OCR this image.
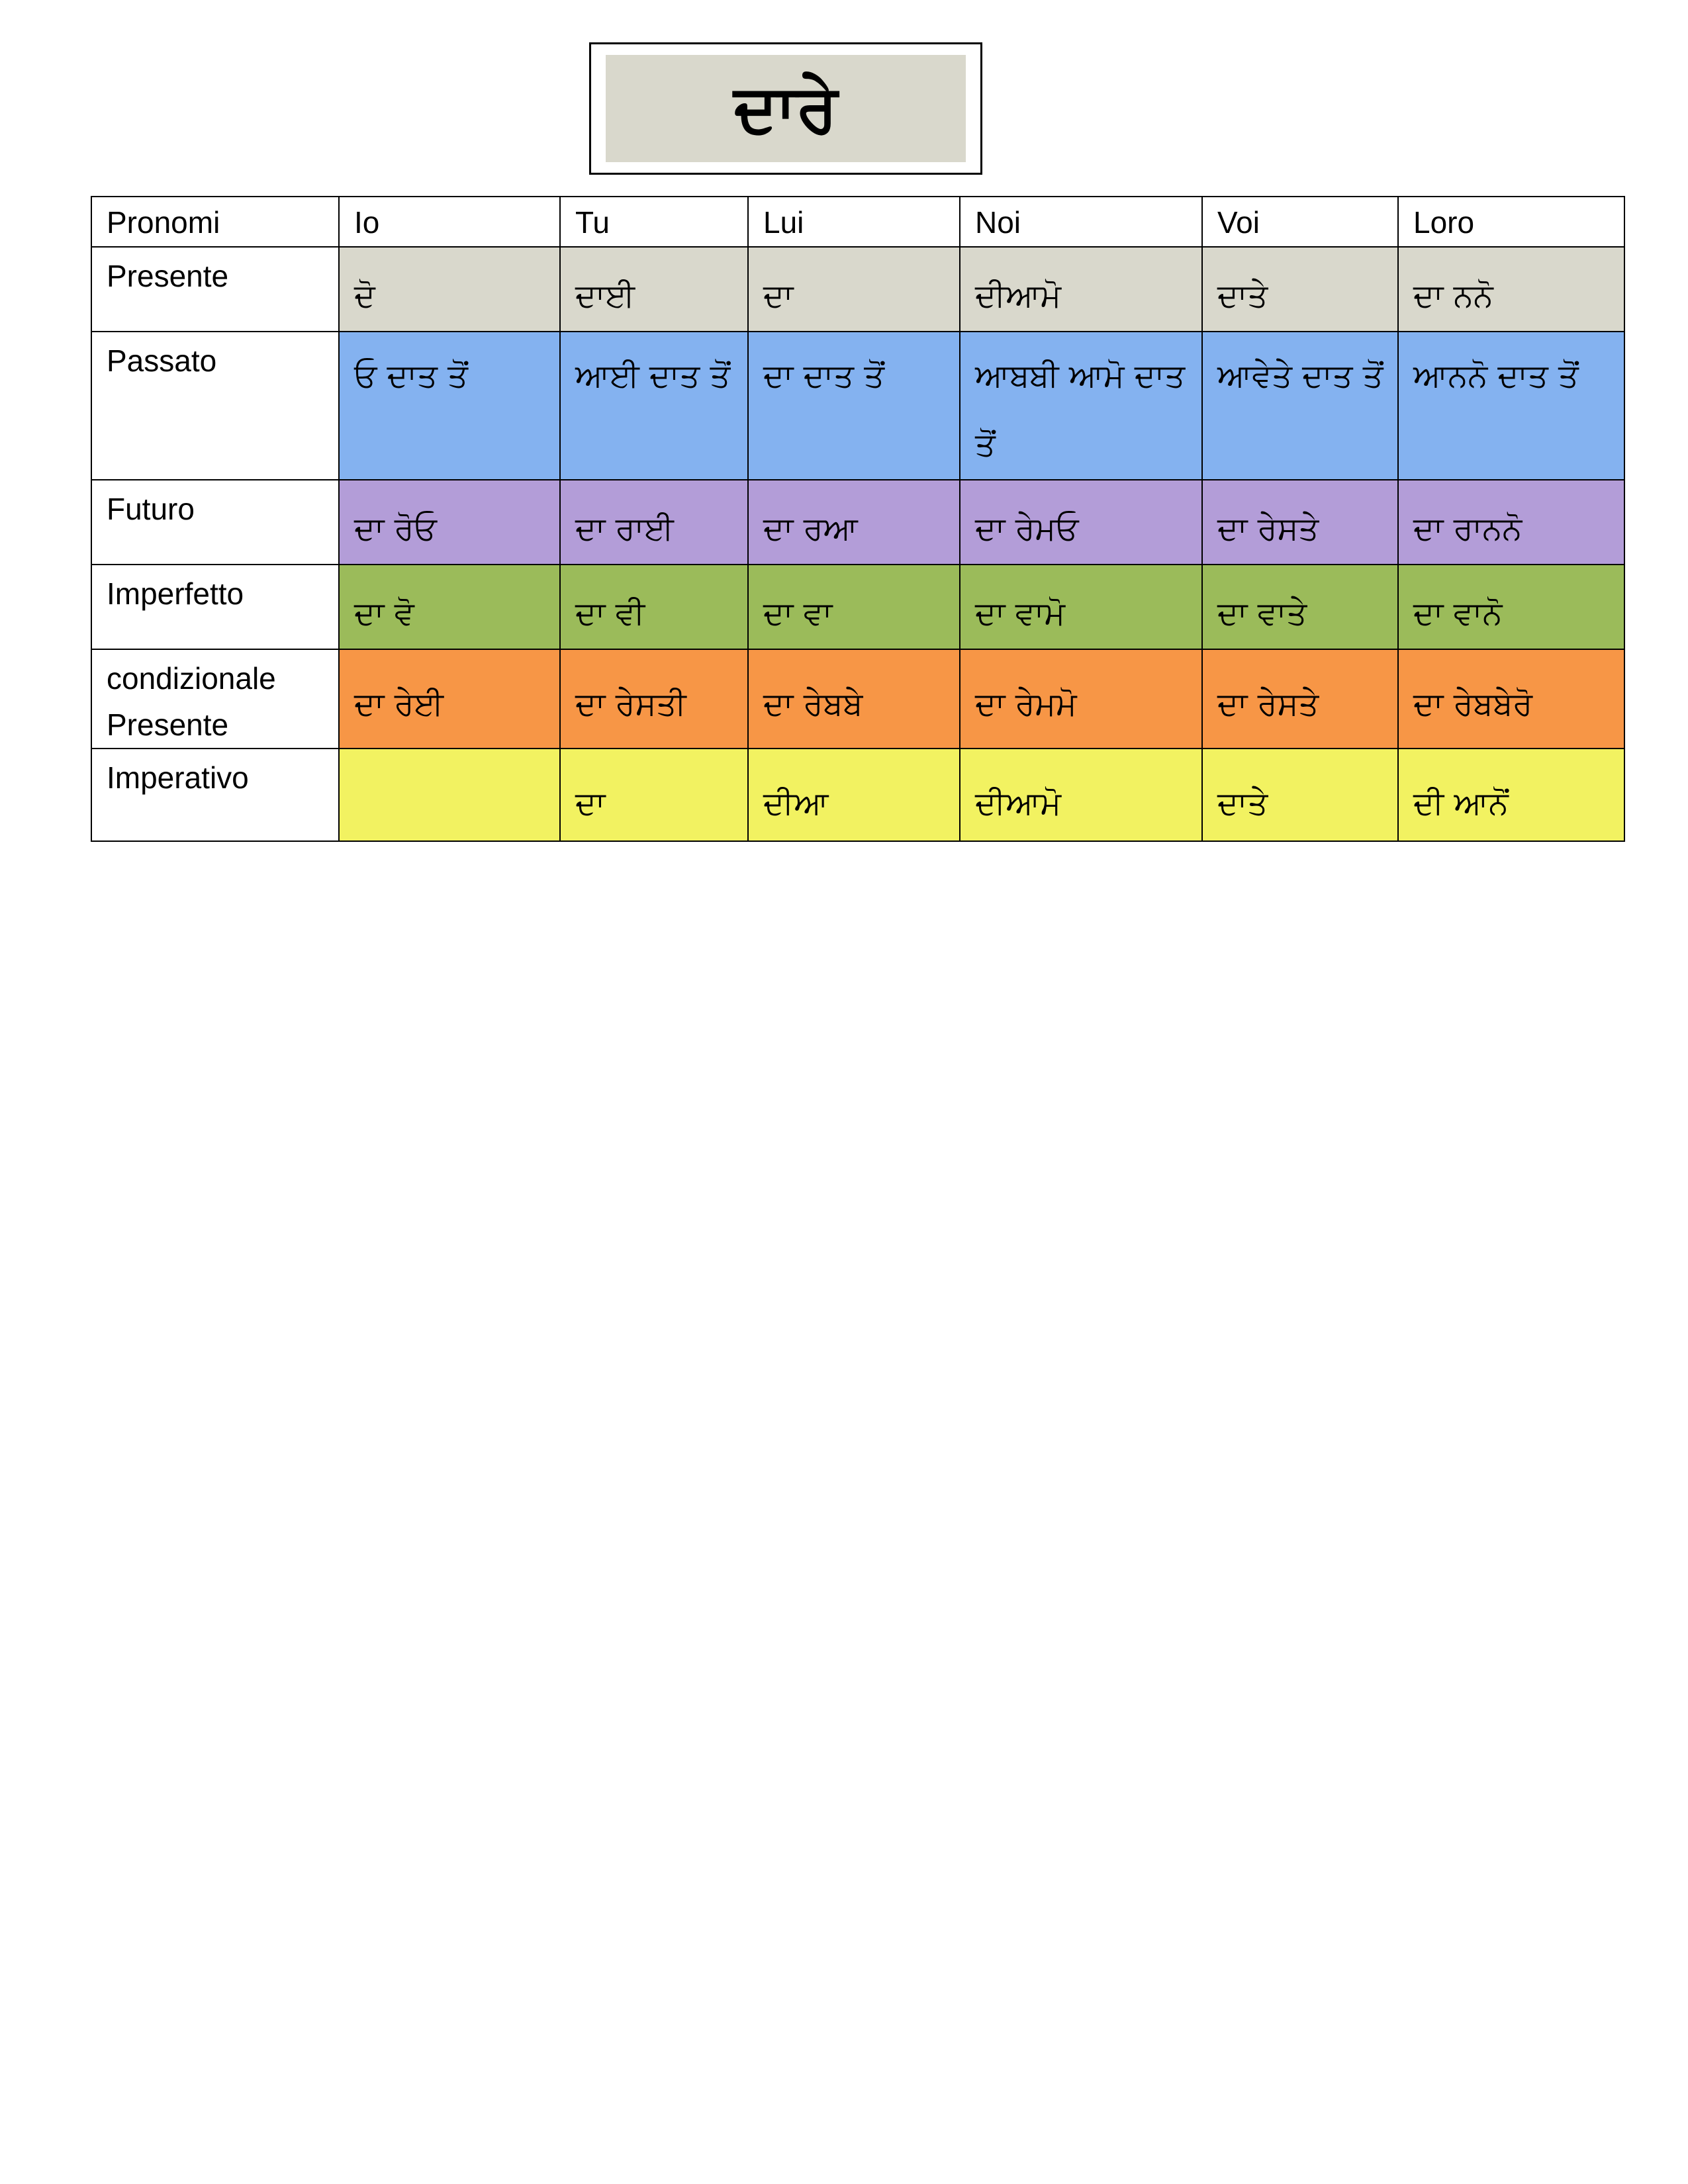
ਦਾਰੇ
Pronomi	Io	Tu	Lui	Noi	Voi	Loro
Presente	ਦੋ	ਦਾਈ	ਦਾ	ਦੀਆਮੋ	ਦਾਤੇ	ਦਾ ਨਨੋ
Passato	ਓ ਦਾਤ ਤੋਂ	ਆਈ ਦਾਤ ਤੋਂ	ਦਾ ਦਾਤ ਤੋਂ	ਆਬਬੀ ਆਮੋ ਦਾਤ ਤੋਂ	ਆਵੇਤੇ ਦਾਤ ਤੋਂ	ਆਨਨੋ ਦਾਤ ਤੋਂ
Futuro	ਦਾ ਰੋਓ	ਦਾ ਰਾਈ	ਦਾ ਰਆ	ਦਾ ਰੇਮਓ	ਦਾ ਰੇਸਤੇ	ਦਾ ਰਾਨਨੋ
Imperfetto	ਦਾ ਵੋ	ਦਾ ਵੀ	ਦਾ ਵਾ	ਦਾ ਵਾਮੋ	ਦਾ ਵਾਤੇ	ਦਾ ਵਾਨੋ

condizionale
Presente	ਦਾ ਰੇਈ	ਦਾ ਰੇਸਤੀ	ਦਾ ਰੇਬਬੇ	ਦਾ ਰੇਮਮੋ	ਦਾ ਰੇਸਤੇ	ਦਾ ਰੇਬਬੇਰੋ
Imperativo		ਦਾ	ਦੀਆ	ਦੀਆਮੋ	ਦਾਤੇ	ਦੀ ਆਨੋਂ
